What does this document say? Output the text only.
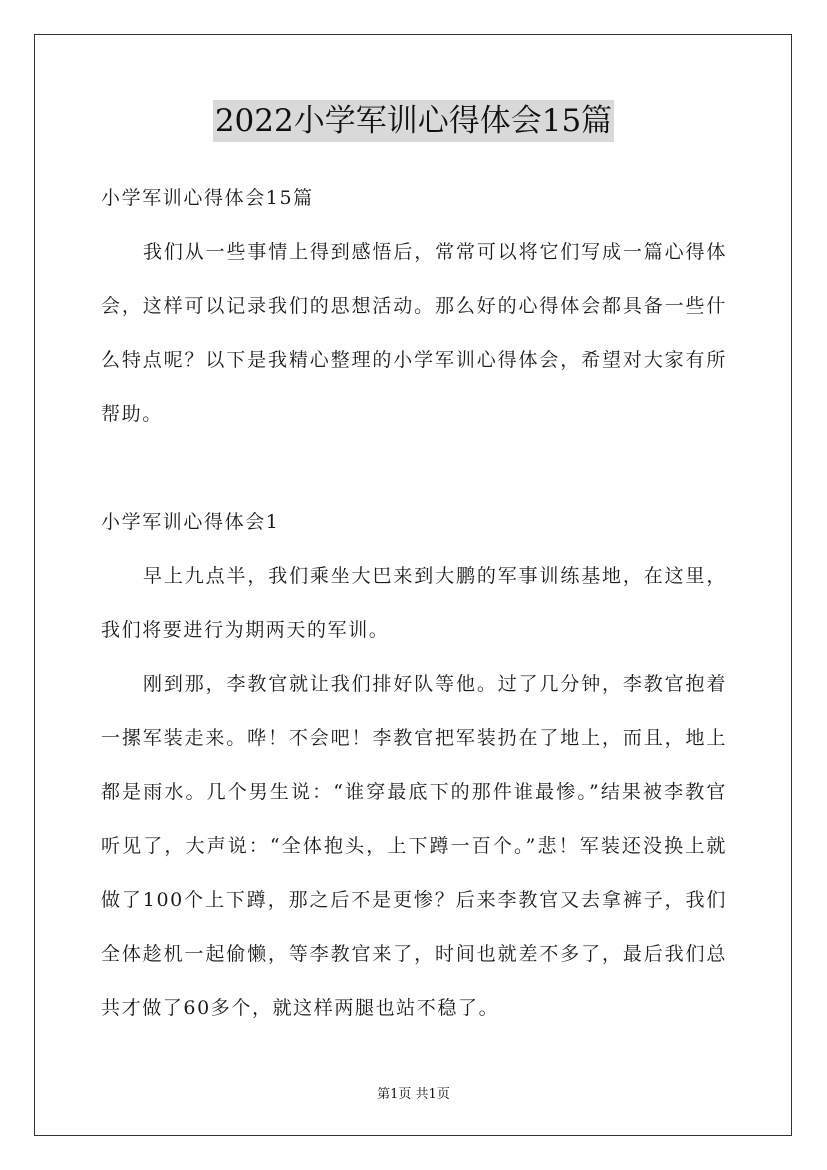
2022小学军训心得体会15篇

小学军训心得体会15篇

我们从一些事情上得到感悟后，常常可以将它们写成一篇心得体会，这样可以记录我们的思想活动。那么好的心得体会都具备一些什么特点呢？以下是我精心整理的小学军训心得体会，希望对大家有所帮助。

小学军训心得体会1

早上九点半，我们乘坐大巴来到大鹏的军事训练基地，在这里，我们将要进行为期两天的军训。

刚到那，李教官就让我们排好队等他。过了几分钟，李教官抱着一摞军装走来。哗！不会吧！李教官把军装扔在了地上，而且，地上都是雨水。几个男生说：“谁穿最底下的那件谁最惨。”结果被李教官听见了，大声说：“全体抱头，上下蹲一百个。”悲！军装还没换上就做了100个上下蹲，那之后不是更惨？后来李教官又去拿裤子，我们全体趁机一起偷懒，等李教官来了，时间也就差不多了，最后我们总共才做了60多个，就这样两腿也站不稳了。

第1页 共1页
